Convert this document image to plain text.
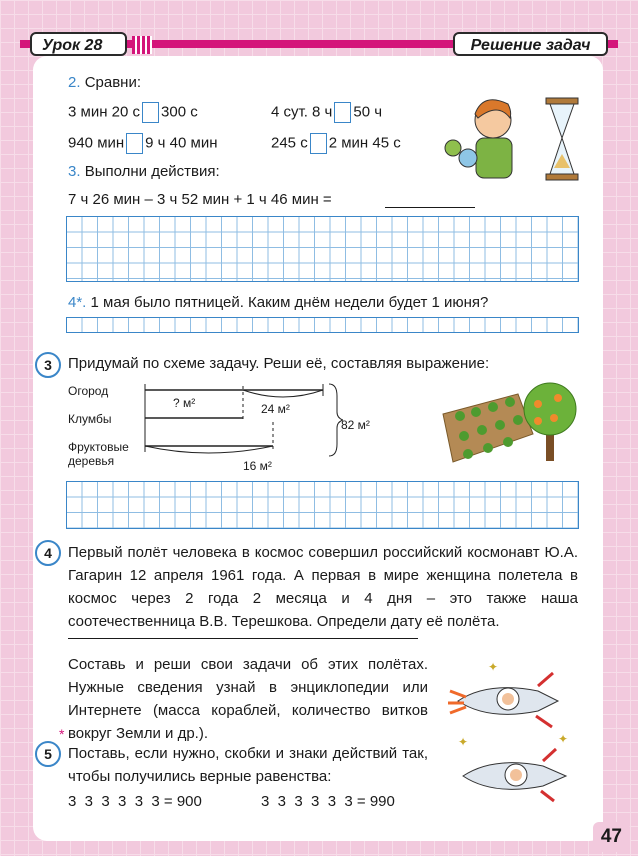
2. Сравни:
3 мин 20 с 300 с	4 сут. 8 ч 50 ч
940 мин 9 ч 40 мин	245 с 2 мин 45 с
3. Выполни действия:
7 ч 26 мин – 3 ч 52 мин + 1 ч 46 мин =
4*. 1 мая было пятницей. Каким днём недели будет 1 июня?
3	Придумай по схеме задачу. Реши её, составляя выражение:
Огород
Клумбы
Фруктовые
деревья
? м²	24 м²
82 м²
16 м²
4	Первый полёт человека в космос совершил российский космонавт Ю.А. Гагарин 12 апреля 1961 года. А первая в мире женщина полетела в космос через 2 года 2 месяца и 4 дня – это также наша соотечественница В.В. Терешкова. Определи дату её полёта.
Составь и реши свои задачи об этих полётах. Нужные сведения узнай в энциклопедии или Интернете (масса кораблей, количество витков вокруг Земли и др.).
✦
✦	✦
5
*
Поставь, если нужно, скобки и знаки действий так, чтобы получились верные равенства:
3  3  3  3  3  3 = 900	3  3  3  3  3  3 = 990
Урок 28	Решение задач
47
